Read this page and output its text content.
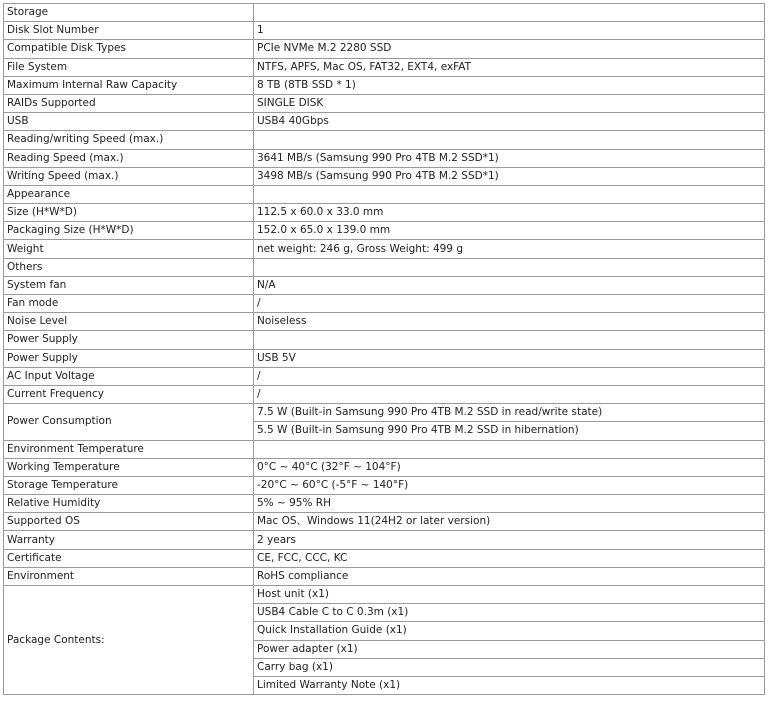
Storage	
Disk Slot Number	1
Compatible Disk Types	PCIe NVMe M.2 2280 SSD
File System	NTFS, APFS, Mac OS, FAT32, EXT4, exFAT
Maximum Internal Raw Capacity	8 TB (8TB SSD * 1)
RAIDs Supported	SINGLE DISK
USB	USB4 40Gbps
Reading/writing Speed (max.)	
Reading Speed (max.)	3641 MB/s (Samsung 990 Pro 4TB M.2 SSD*1)
Writing Speed (max.)	3498 MB/s (Samsung 990 Pro 4TB M.2 SSD*1)
Appearance	
Size (H*W*D)	112.5 x 60.0 x 33.0 mm
Packaging Size (H*W*D)	152.0 x 65.0 x 139.0 mm
Weight	net weight: 246 g, Gross Weight: 499 g
Others	
System fan	N/A
Fan mode	/
Noise Level	Noiseless
Power Supply	
Power Supply	USB 5V
AC Input Voltage	/
Current Frequency	/
Power Consumption	7.5 W (Built-in Samsung 990 Pro 4TB M.2 SSD in read/write state)
	5.5 W (Built-in Samsung 990 Pro 4TB M.2 SSD in hibernation)
Environment Temperature	
Working Temperature	0°C ~ 40°C (32°F ~ 104°F)
Storage Temperature	-20°C ~ 60°C (-5°F ~ 140°F)
Relative Humidity	5% ~ 95% RH
Supported OS	Mac OS、Windows 11(24H2 or later version)
Warranty	2 years
Certificate	CE, FCC, CCC, KC
Environment	RoHS compliance
Package Contents:	Host unit (x1)
	USB4 Cable C to C 0.3m (x1)
	Quick Installation Guide (x1)
	Power adapter (x1)
	Carry bag (x1)
	Limited Warranty Note (x1)
